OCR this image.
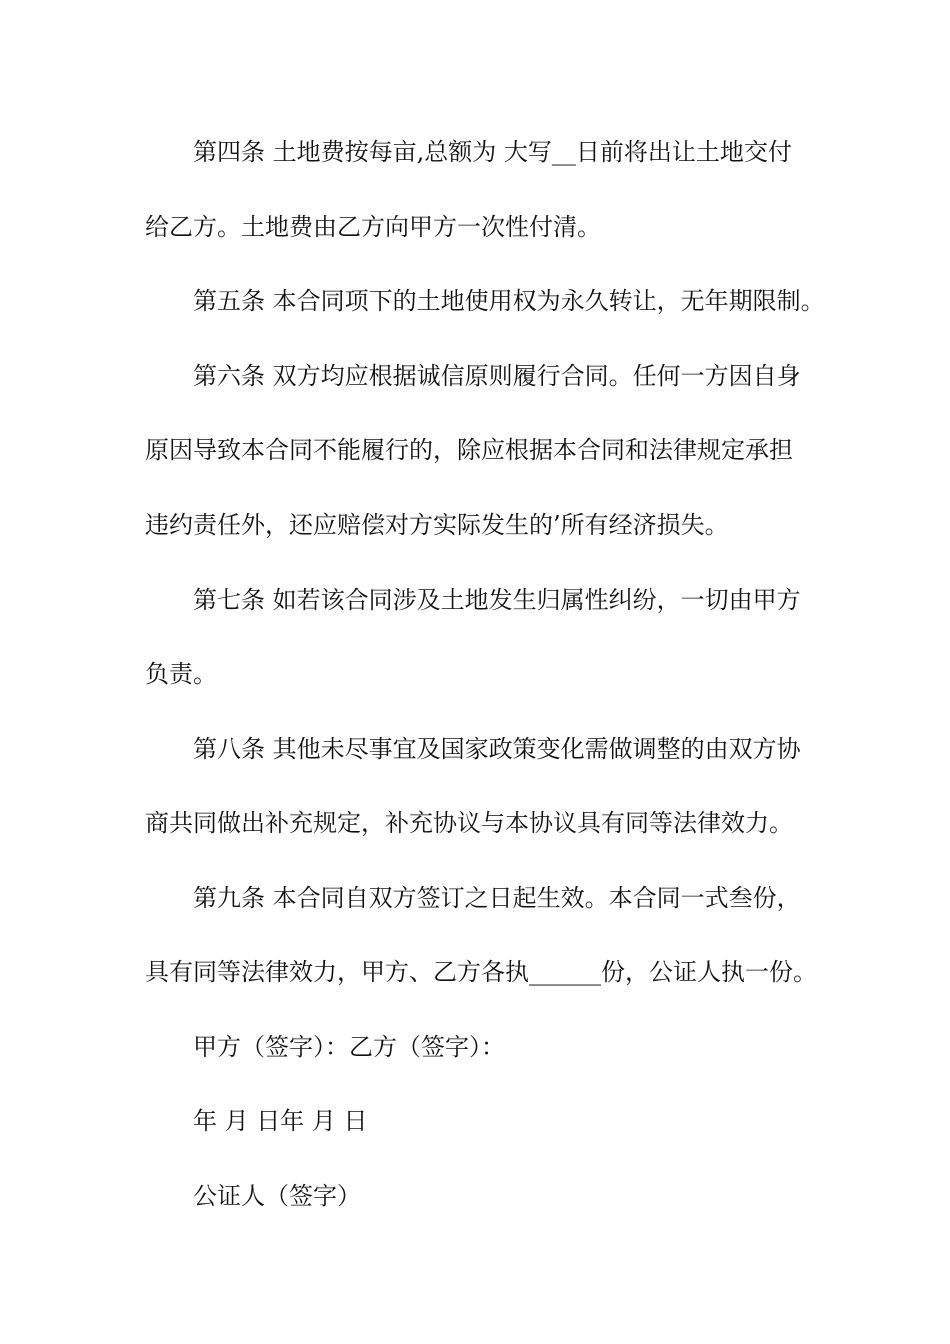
第四条 土地费按每亩,总额为 大写__日前将出让土地交付
给乙方。土地费由乙方向甲方一次性付清。
第五条 本合同项下的土地使用权为永久转让，无年期限制。
第六条 双方均应根据诚信原则履行合同。任何一方因自身
原因导致本合同不能履行的，除应根据本合同和法律规定承担
违约责任外，还应赔偿对方实际发生的’所有经济损失。
第七条 如若该合同涉及土地发生归属性纠纷，一切由甲方
负责。
第八条 其他未尽事宜及国家政策变化需做调整的由双方协
商共同做出补充规定，补充协议与本协议具有同等法律效力。
第九条 本合同自双方签订之日起生效。本合同一式叁份，
具有同等法律效力，甲方、乙方各执______份，公证人执一份。
甲方（签字）：乙方（签字）：
年 月 日年 月 日
公证人（签字）
